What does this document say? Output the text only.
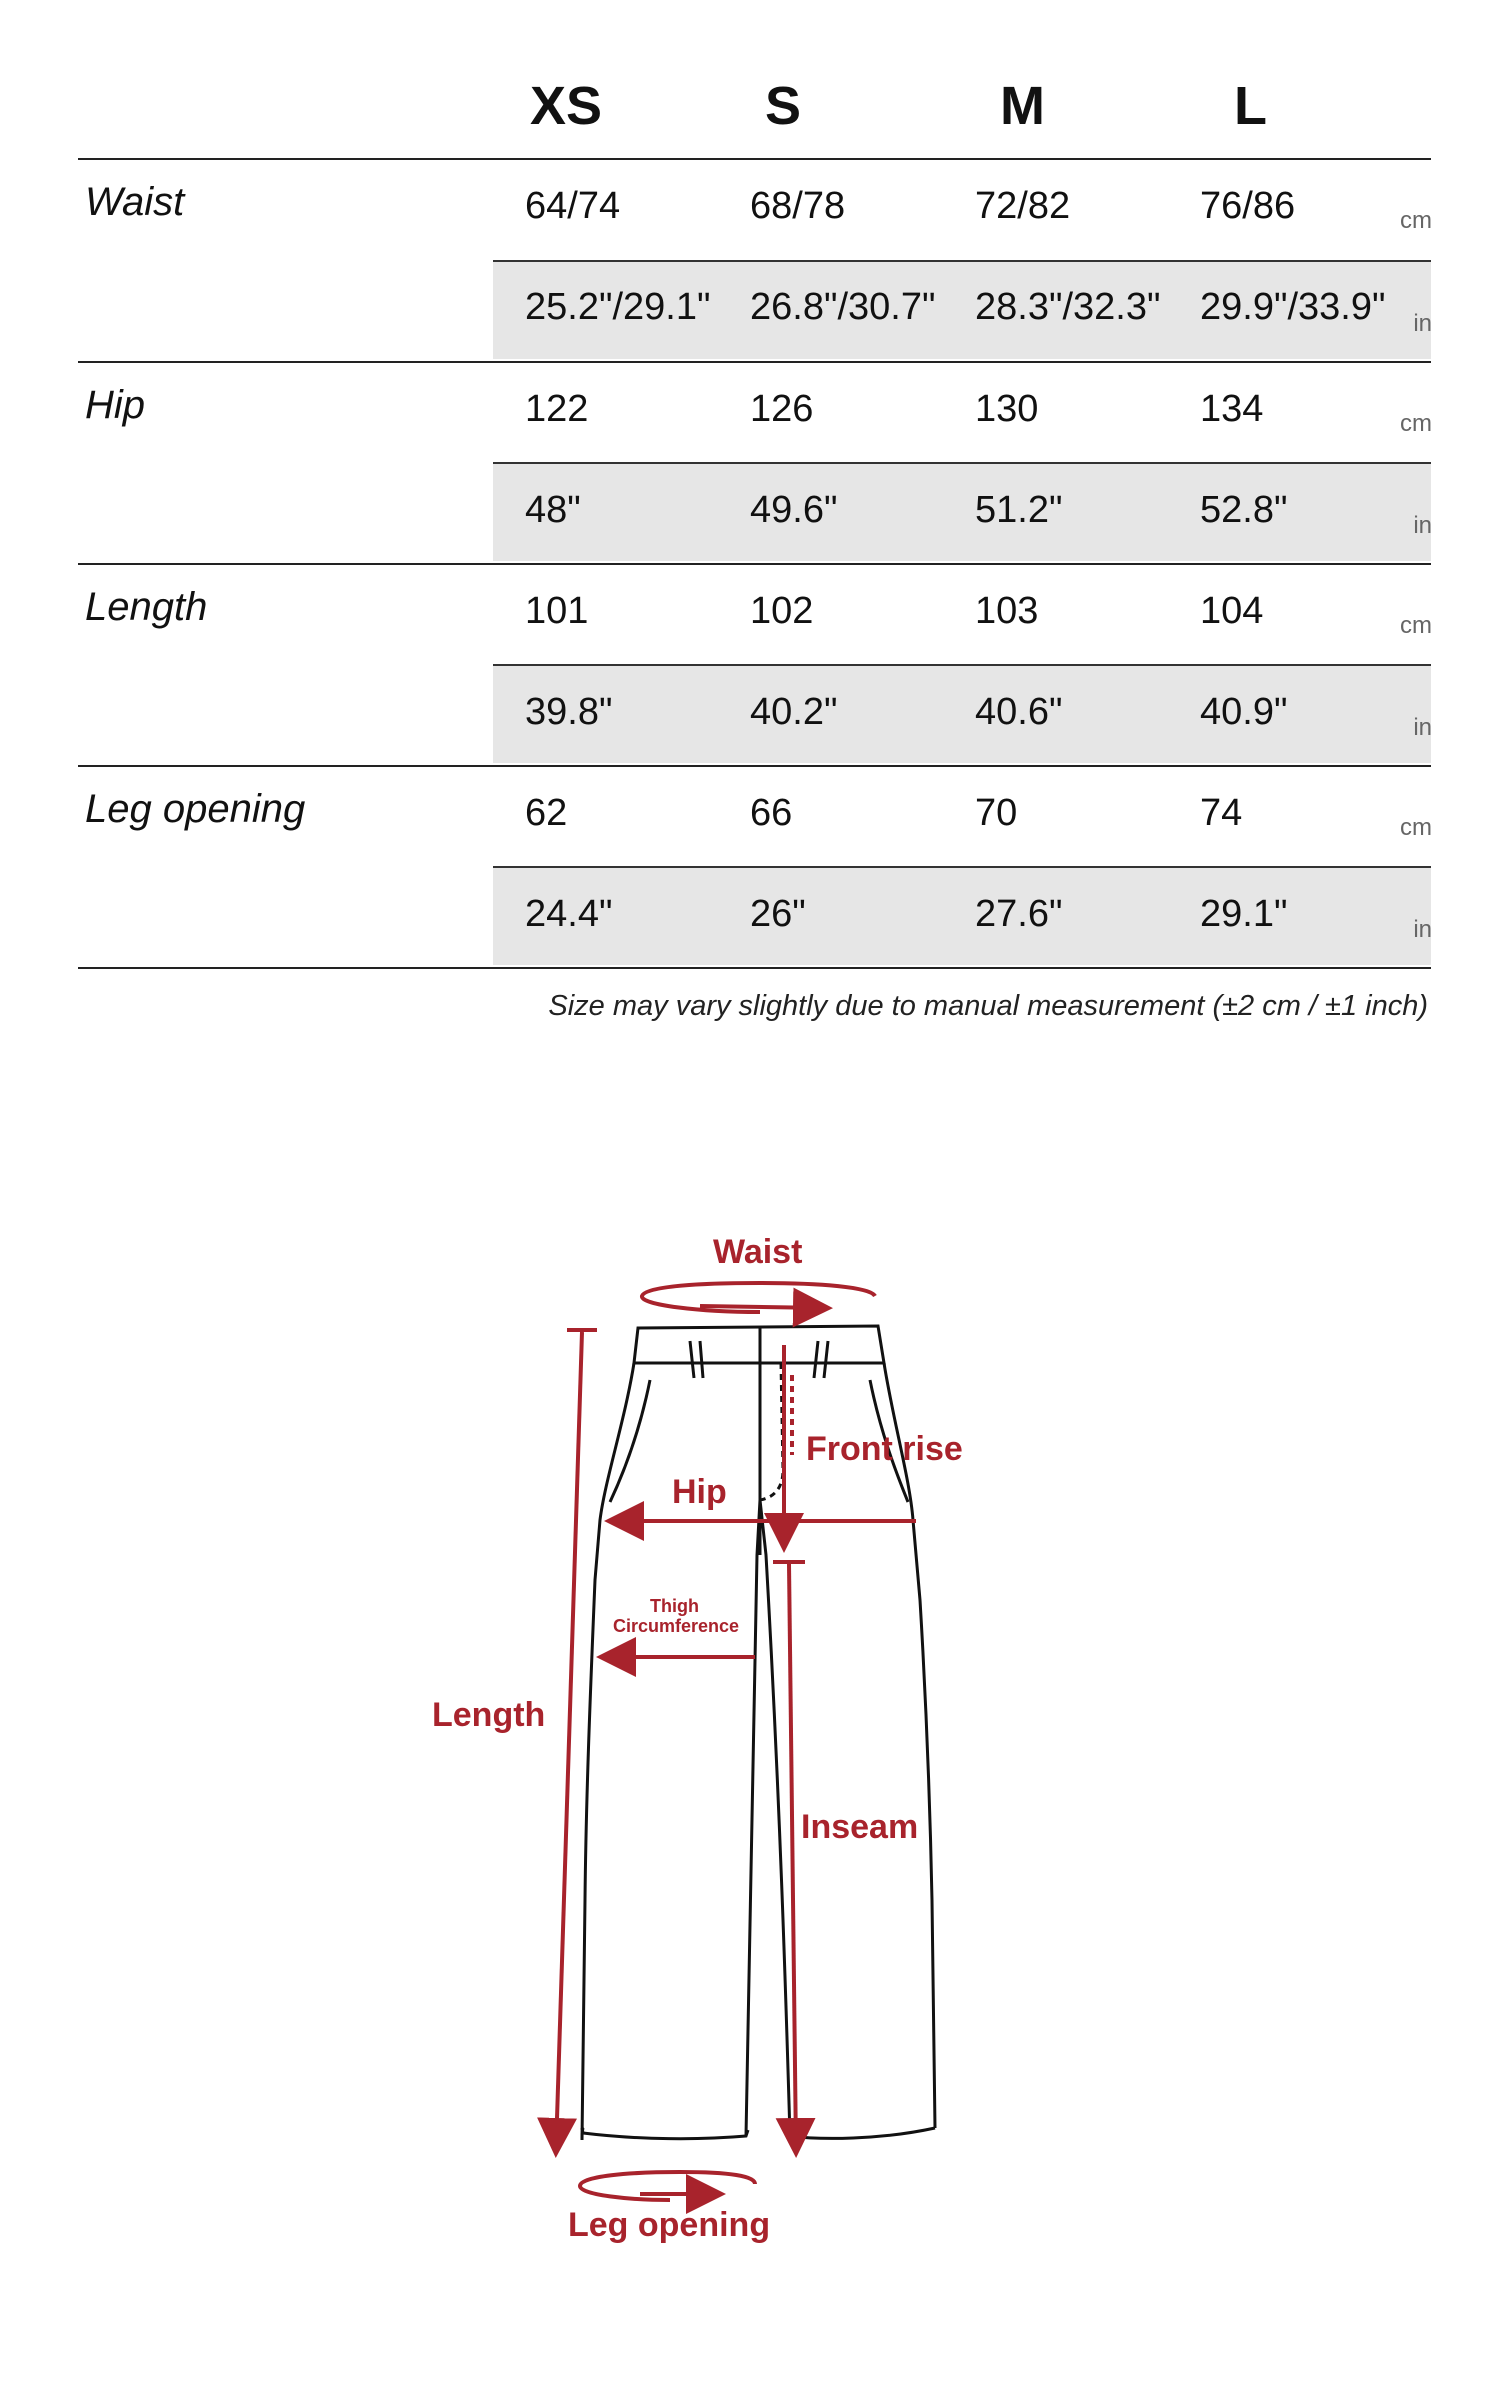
XS	S	M	L
Waist	64/74	68/78	72/82	76/86	cm
25.2"/29.1"	26.8"/30.7"	28.3"/32.3"	29.9"/33.9" in
Hip	122	126	130	134	cm
48"	49.6"	51.2"	52.8"	in
Length	101	102	103	104	cm
39.8"	40.2"	40.6"	40.9"	in
Leg opening	62	66	70	74	cm
24.4"	26"	27.6"	29.1"	in
Size may vary slightly due to manual measurement (±2 cm / ±1 inch)
Waist
Length
Hip
Front rise
Thigh
Circumference
Inseam
Leg opening
